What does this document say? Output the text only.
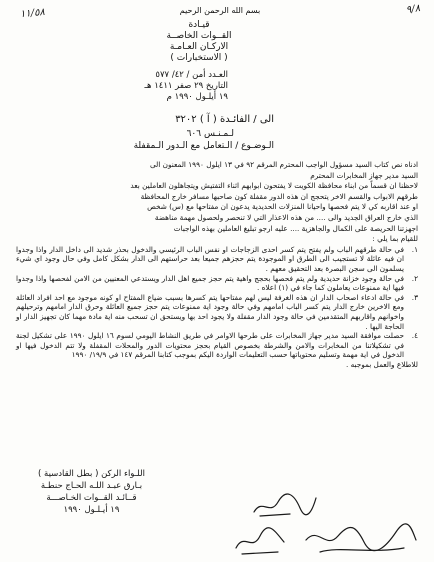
بسم الله الرحمن الرحيم	٩/٨
١١/٥٨
قيـادة
القــوات الخاصــة
الاركـان العـامـة
( الاستخبارات )
العـدد أمن / ٤٢/ ٥٧٧
التاريخ ٢٩ صفر ١٤١١ هـ
١٩ أيلـول ١٩٩٠ م
الى / الفائـدة ( آ ) ٣٢٠٢
لـمـنـس ٦٠٦
الـوضـوع / الـتعامل مع الـدور الـمقفلة

ادناه نص كتاب السيد مسؤول الواجب المحترم المرقم ٩٢ في ١٣ ايلول ١٩٩٠ المعنون الى

السيد مدير جهاز المخابرات المحترم

لاحظنا ان قسماً من ابناء محافظة الكويت لا يفتحون ابوابهم اثناء التفتيش ويتجاهلون العاملين بعد

طرقهم الابواب والقسم الاخر يتحجج ان هذه الدور مقفلة كون صاحبها مسافر خارج المحافظة

او عند اقاربه كي لا يتم فحصها واحيانا المنزلات الحديدية يدعون ان مفتاحها مع (س) شخص

الذي خارج العراق الجديد والى .... من هذه الاعذار التي لا تنحصر ولحصول مهمة مناهضة

اجهزتنا الحريصة على الكمال والجاهزية .... عليه ارجو تبليغ العاملين بهذه الواجبات

للقيام بما يلي :

١.
في حالة طرقهم الباب ولم يفتح يتم كسر احدى الزجاجات او نفس الباب الرئيسي والدخول بحذر شديد الى داخل الدار واذا وجدوا ان فيه عائلة لا تستجيب الى الطرق او الموجودة يتم حجزهم جميعا بعد حراستهم الى الدار بشكل كامل وفي حال وجود اي شيء يسلمون الى سجن البصرة بعد التحقيق معهم .
٢.
في حالة وجود خزانة حديدية ولم يتم فحصها بحجج واهية يتم حجز جميع اهل الدار ويستدعي المعنيين من الامن لفحصها واذا وجدوا فيها اية ممنوعات يعاملون كما جاء في (١) اعلاه .
٣.
في حالة ادعاء اصحاب الدار ان هذه الغرفة ليس لهم مفتاحها يتم كسرها بسبب ضياع المفتاح او كونه موجود مع احد افراد العائلة ومع الاخرين خارج الدار يتم كسر الباب امامهم وفي حالة وجود اية ممنوعات يتم حجز جميع العائلة وحرق الدار امامهم وترحيلهم واخوانهم واقاربهم المتقدمين في حالة وجود الدار مقفلة ولا يجود احد بها ويستحق ان تسحب منه اية مادة مهما كان تجهيز الدار او الحاجة اليها .
٤.
حصلت موافقة السيد مدير جهاز المخابرات على طرحها الاوامر في طريق النشاط اليومي لسوم ١٦ ايلول ١٩٩٠ على تشكيل لجنة في تشكيلاتنا من المخابرات والامن والشرطة بخصوص القيام بحجز محتويات الدور والمحلات المقفلة ولا تتم الدخول فيها او الدخول في اية مهمة وتسليم محتوياتها حسب التعليمات الواردة اليكم بموجب كتابنا المرقم ١٤٧ في ١٩/٩/ ١٩٩٠

للاطلاع والعمل بموجبه .

اللـواء الركن ( بطل القادسية )
بـارق عبـد اللـه الحـاج حنطـة
قــائـد القــوات الخـاصـــة
١٩ أيـلـول ١٩٩٠
